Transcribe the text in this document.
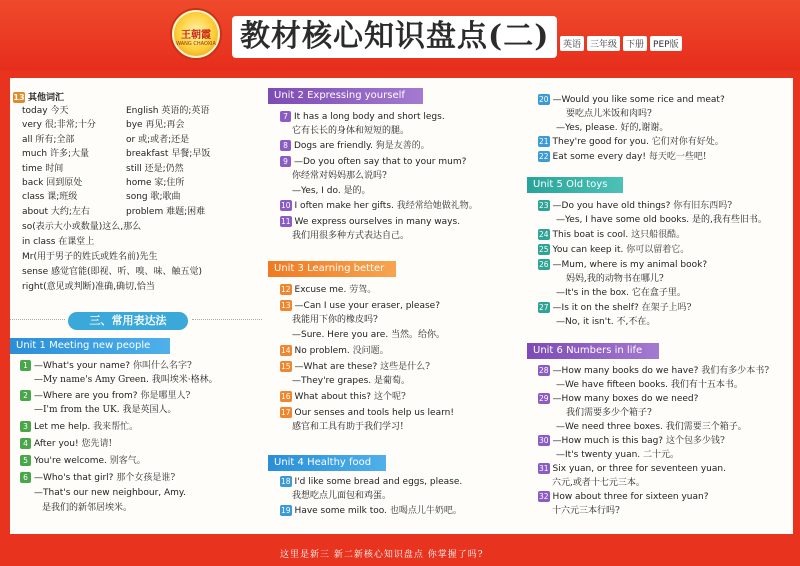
王朝霞
WANG CHAOXIA 教材核心知识盘点(二)	英语	三年级	下册	PEP版
13 其他词汇
today 今天	English 英语的;英语
very 很;非常;十分	bye 再见;再会
all 所有;全部	or 或;或者;还是
much 许多;大量	breakfast 早餐;早饭
time 时间	still 还是;仍然
back 回到原处	home 家;住所
class 课;班级	song 歌;歌曲
about 大约;左右	problem 难题;困难
so(表示大小或数量)这么,那么
in class 在课堂上
Mr(用于男子的姓氏或姓名前)先生
sense 感觉官能(即视、听、嗅、味、触五觉)
right(意见或判断)准确,确切,恰当
三、常用表达法
Unit 1 Meeting new people
1 —What's your name? 你叫什么名字?
—My name's Amy Green. 我叫埃米·格林。
2 —Where are you from? 你是哪里人?
—I'm from the UK. 我是英国人。
3 Let me help. 我来帮忙。
4 After you! 您先请!
5 You're welcome. 别客气。
6 —Who's that girl? 那个女孩是谁?
—That's our new neighbour, Amy.
是我们的新邻居埃米。
Unit 2 Expressing yourself
7 It has a long body and short legs.
它有长长的身体和短短的腿。
8 Dogs are friendly. 狗是友善的。
9 —Do you often say that to your mum?
你经常对妈妈那么说吗?
—Yes, I do. 是的。
10 I often make her gifts. 我经常给她做礼物。
11 We express ourselves in many ways.
我们用很多种方式表达自己。
Unit 3 Learning better
12 Excuse me. 劳驾。
13 —Can I use your eraser, please?
我能用下你的橡皮吗?
—Sure. Here you are. 当然。给你。
14 No problem. 没问题。
15 —What are these? 这些是什么?
—They're grapes. 是葡萄。
16 What about this? 这个呢?
17 Our senses and tools help us learn!
感官和工具有助于我们学习!
Unit 4 Healthy food
18 I'd like some bread and eggs, please.
我想吃点儿面包和鸡蛋。
19 Have some milk too. 也喝点儿牛奶吧。
20 —Would you like some rice and meat?
要吃点儿米饭和肉吗?
—Yes, please. 好的,谢谢。
21 They're good for you. 它们对你有好处。
22 Eat some every day! 每天吃一些吧!
Unit 5 Old toys
23 —Do you have old things? 你有旧东西吗?
—Yes, I have some old books. 是的,我有些旧书。
24 This boat is cool. 这只船很酷。
25 You can keep it. 你可以留着它。
26 —Mum, where is my animal book?
妈妈,我的动物书在哪儿?
—It's in the box. 它在盒子里。
27 —Is it on the shelf? 在架子上吗?
—No, it isn't. 不,不在。
Unit 6 Numbers in life
28 —How many books do we have? 我们有多少本书?
—We have fifteen books. 我们有十五本书。
29 —How many boxes do we need?
我们需要多少个箱子?
—We need three boxes. 我们需要三个箱子。
30 —How much is this bag? 这个包多少钱?
—It's twenty yuan. 二十元。
31 Six yuan, or three for seventeen yuan.
六元,或者十七元三本。
32 How about three for sixteen yuan?
十六元三本行吗?
这里是新三 新二新核心知识盘点 你掌握了吗?
